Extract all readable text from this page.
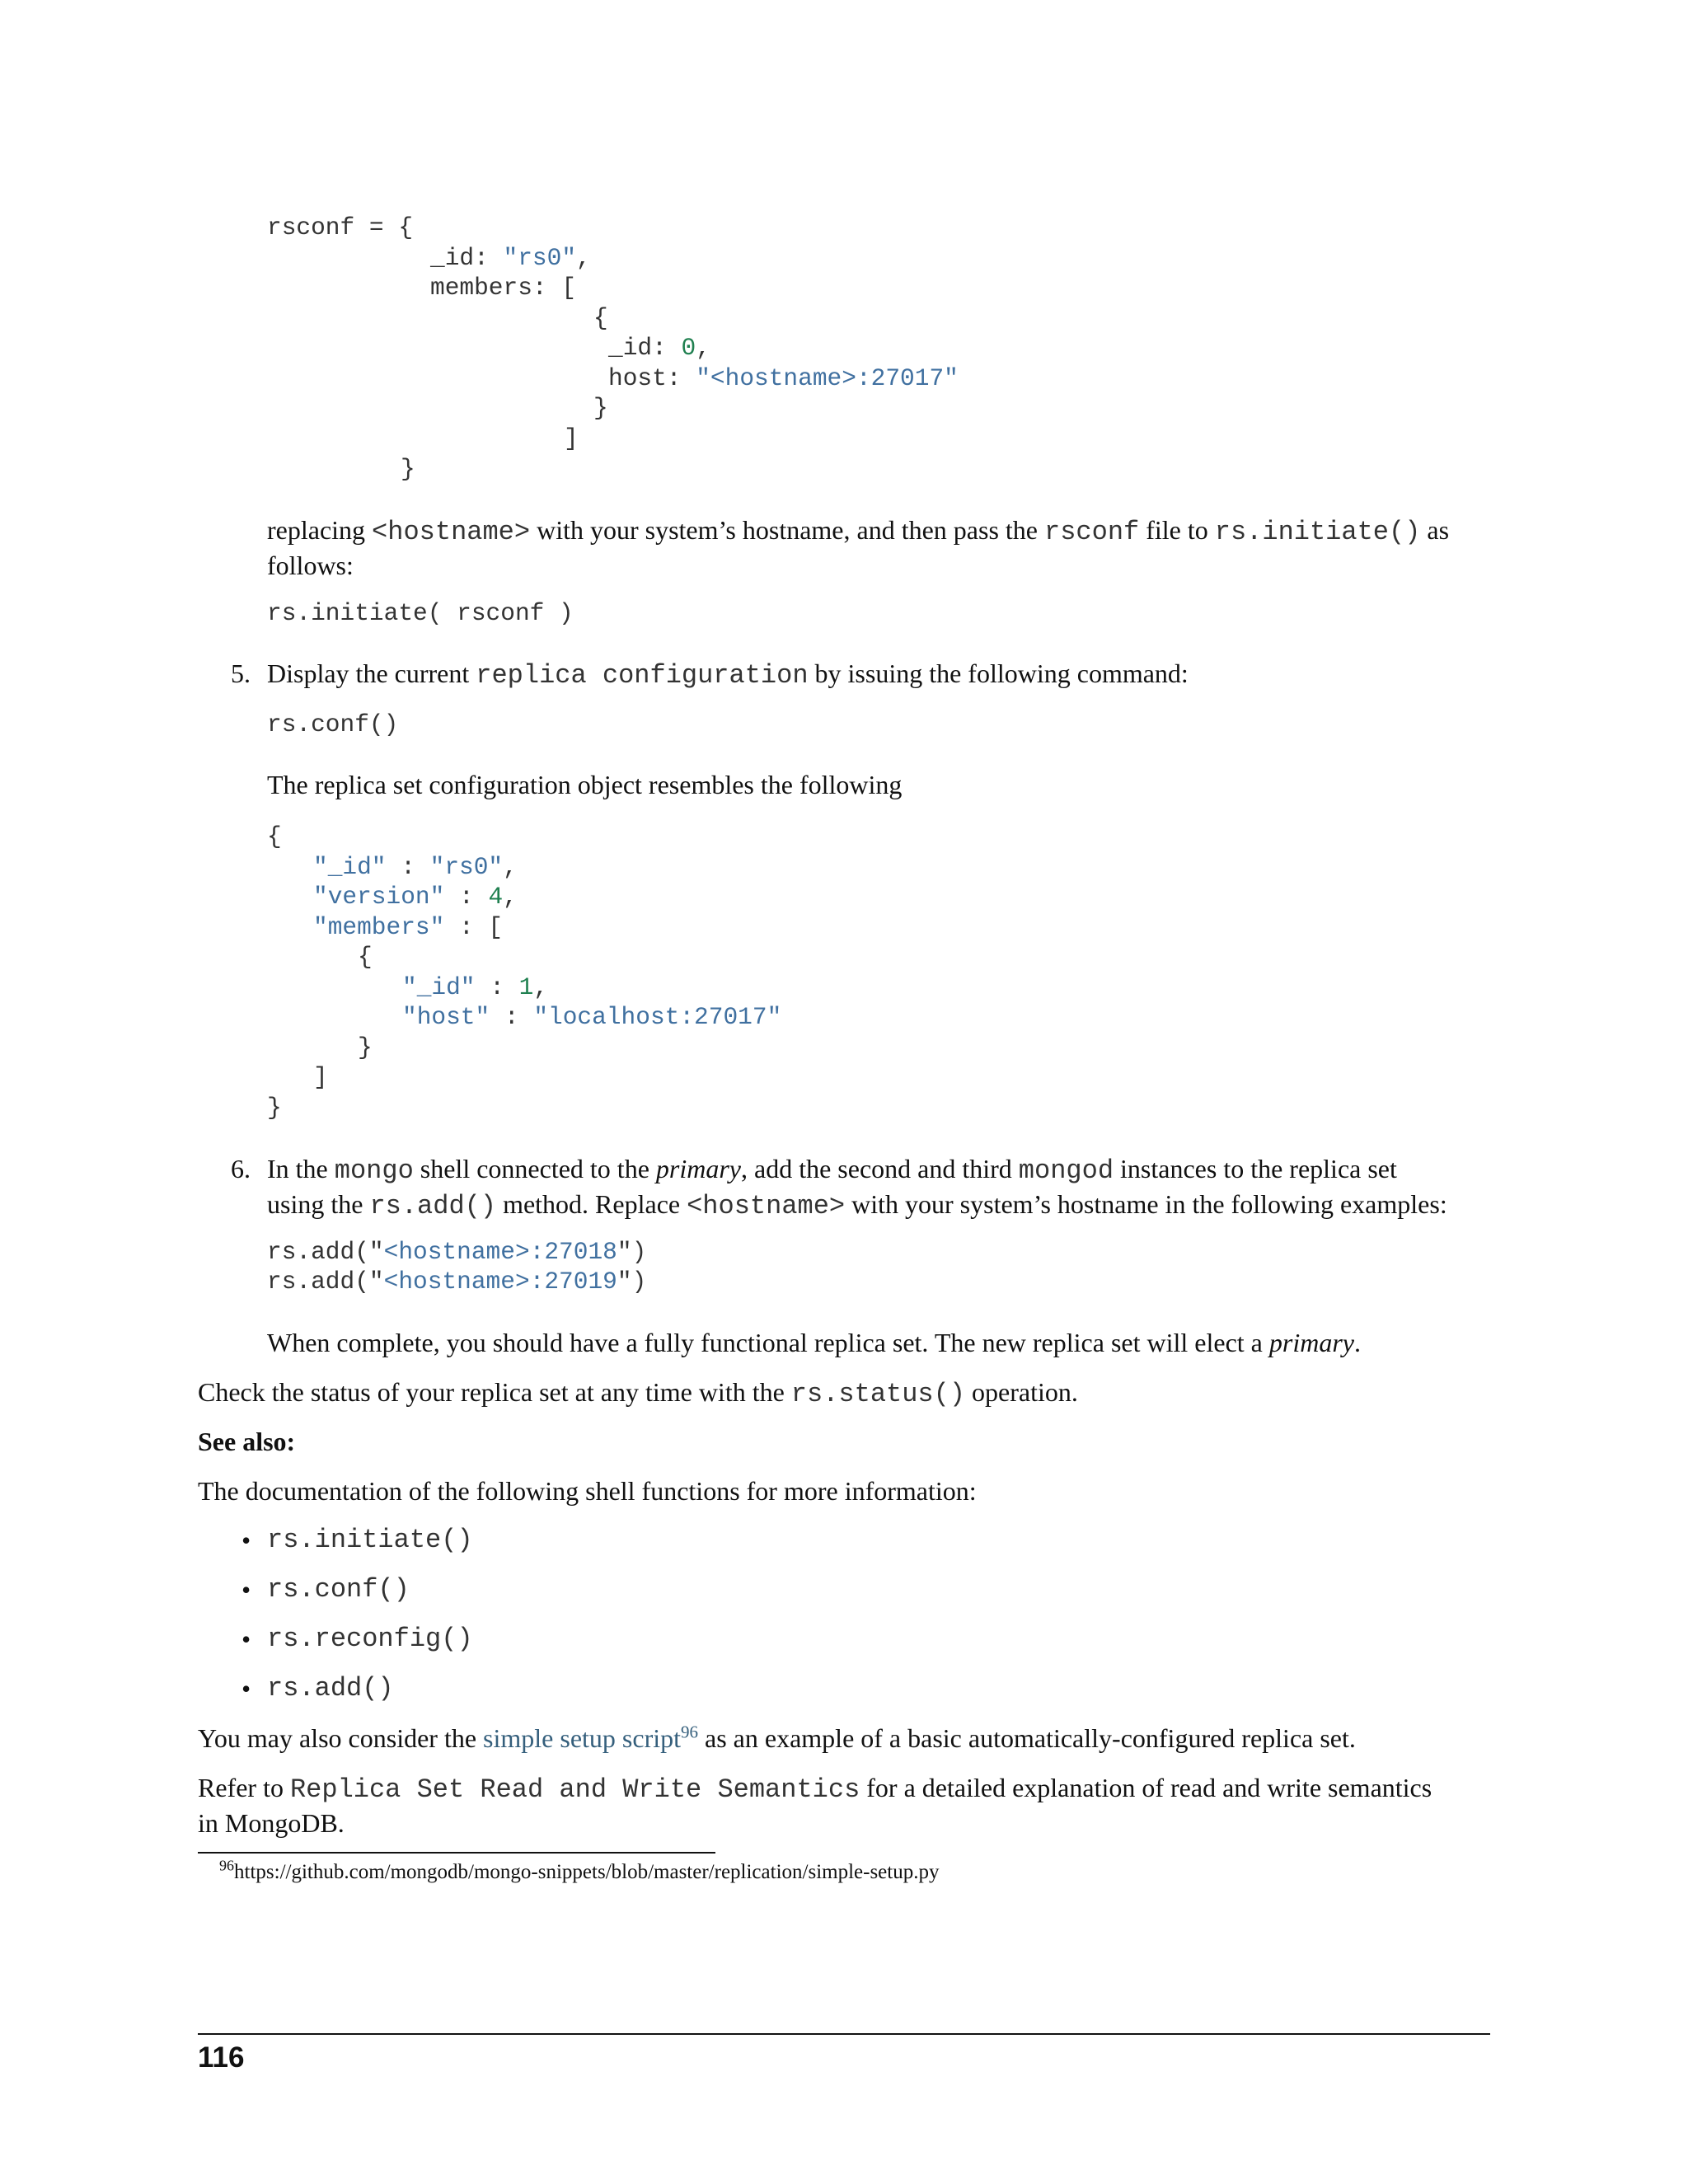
rsconf = {
_id: "rs0",
members: [
{
_id: 0,
host: "<hostname>:27017"
}
]
}

replacing <hostname> with your system’s hostname, and then pass the rsconf file to rs.initiate() as
follows:

rs.initiate( rsconf )
5. Display the current replica configuration by issuing the following command:

rs.conf()

The replica set configuration object resembles the following

{
"_id" : "rs0",
"version" : 4,
"members" : [
{
"_id" : 1,
"host" : "localhost:27017"
}
]
}
6. In the mongo shell connected to the primary, add the second and third mongod instances to the replica set
using the rs.add() method. Replace <hostname> with your system’s hostname in the following examples:

rs.add("<hostname>:27018")
rs.add("<hostname>:27019")

When complete, you should have a fully functional replica set. The new replica set will elect a primary.

Check the status of your replica set at any time with the rs.status() operation.

See also:

The documentation of the following shell functions for more information:

• rs.initiate()
• rs.conf()
• rs.reconfig()
• rs.add()

You may also consider the simple setup script$^{96}$ as an example of a basic automatically-configured replica set.

Refer to Replica Set Read and Write Semantics for a detailed explanation of read and write semantics
in MongoDB.

$^{96}$https://github.com/mongodb/mongo-snippets/blob/master/replication/simple-setup.py

116
